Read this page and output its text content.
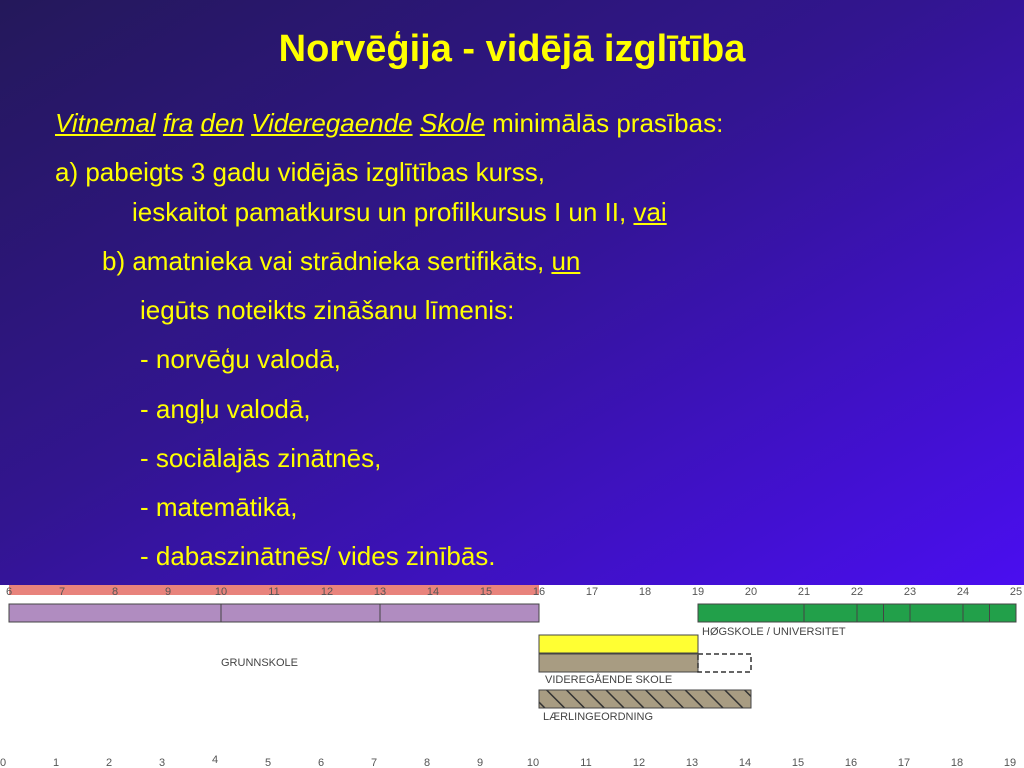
Norvēģija - vidējā izglītība
Vitnemal fra den Videregaende Skole minimālās prasības:
a) pabeigts 3 gadu vidējās izglītības kurss,
ieskaitot pamatkursu un profilkursus I un II, vai
b) amatnieka vai strādnieka sertifikāts, un
iegūts noteikts zināšanu līmenis:
- norvēģu valodā,
- angļu valodā,
- sociālajās zinātnēs,
- matemātikā,
- dabaszinātnēs/ vides zinībās.
6	7	8	9	10	11	12	13	14	15	16	17	18	19	20	21	22	23	24	25
0	1	2	3	4	5	6	7	8	9	10	11	12	13	14	15	16	17	18	19
GRUNNSKOLE
HØGSKOLE / UNIVERSITET
VIDEREGÅENDE SKOLE
LÆRLINGEORDNING
